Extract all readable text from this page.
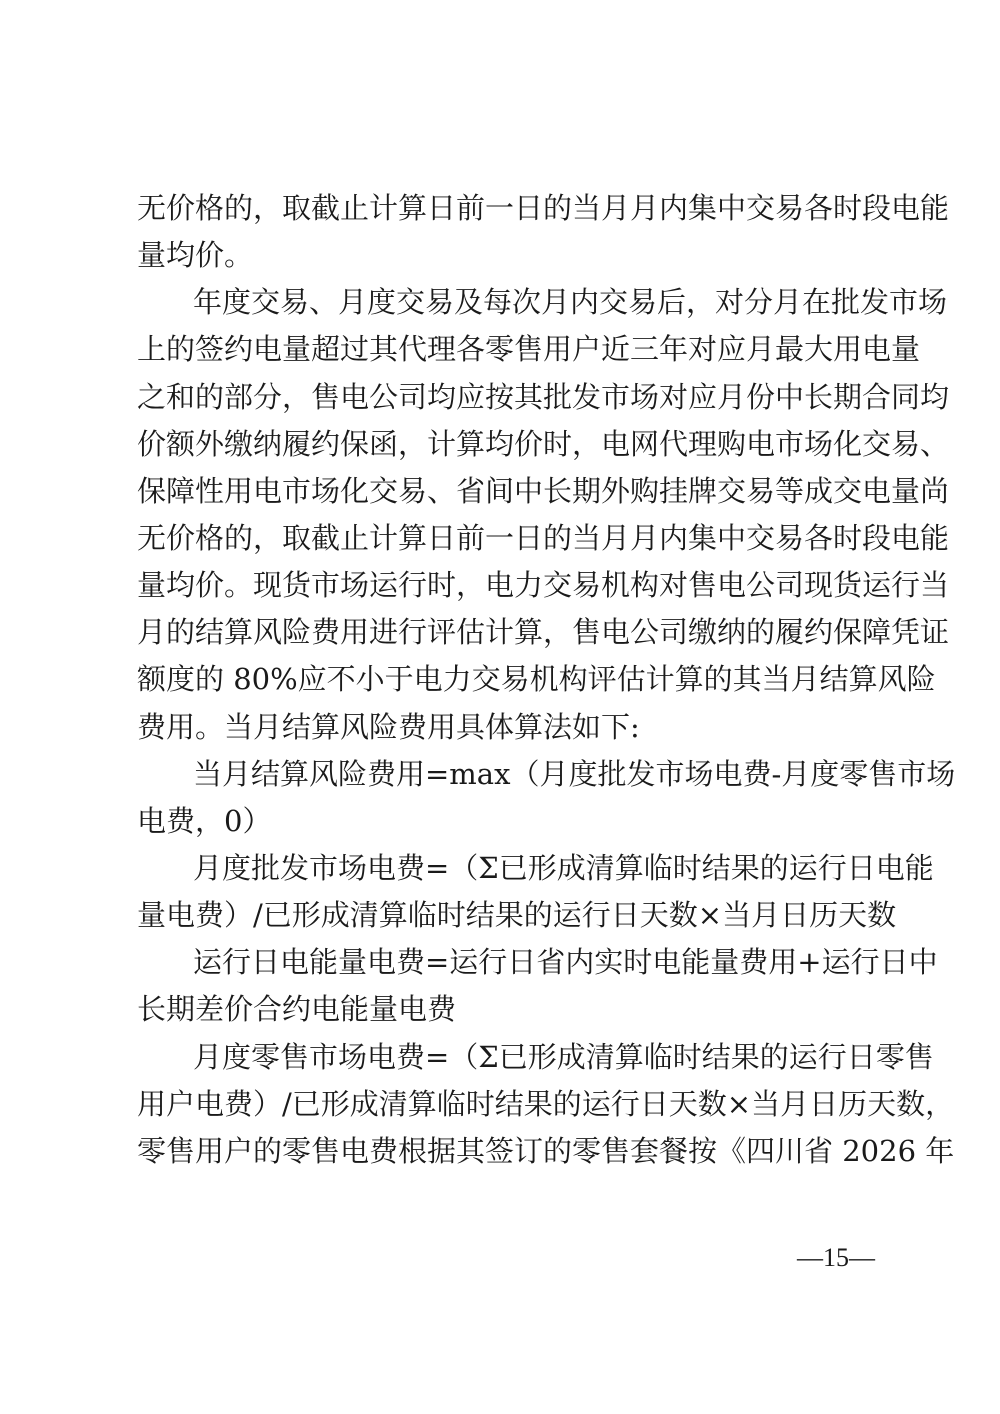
无价格的，取截止计算日前一日的当月月内集中交易各时段电能
量均价。
年度交易、月度交易及每次月内交易后，对分月在批发市场
上的签约电量超过其代理各零售用户近三年对应月最大用电量
之和的部分，售电公司均应按其批发市场对应月份中长期合同均
价额外缴纳履约保函，计算均价时，电网代理购电市场化交易、
保障性用电市场化交易、省间中长期外购挂牌交易等成交电量尚
无价格的，取截止计算日前一日的当月月内集中交易各时段电能
量均价。现货市场运行时，电力交易机构对售电公司现货运行当
月的结算风险费用进行评估计算，售电公司缴纳的履约保障凭证
额度的 80%应不小于电力交易机构评估计算的其当月结算风险
费用。当月结算风险费用具体算法如下:
当月结算风险费用=max（月度批发市场电费-月度零售市场
电费，0）
月度批发市场电费=（Σ已形成清算临时结果的运行日电能
量电费）/已形成清算临时结果的运行日天数×当月日历天数
运行日电能量电费=运行日省内实时电能量费用+运行日中
长期差价合约电能量电费
月度零售市场电费=（Σ已形成清算临时结果的运行日零售
用户电费）/已形成清算临时结果的运行日天数×当月日历天数，
零售用户的零售电费根据其签订的零售套餐按《四川省 2026 年
—15—
